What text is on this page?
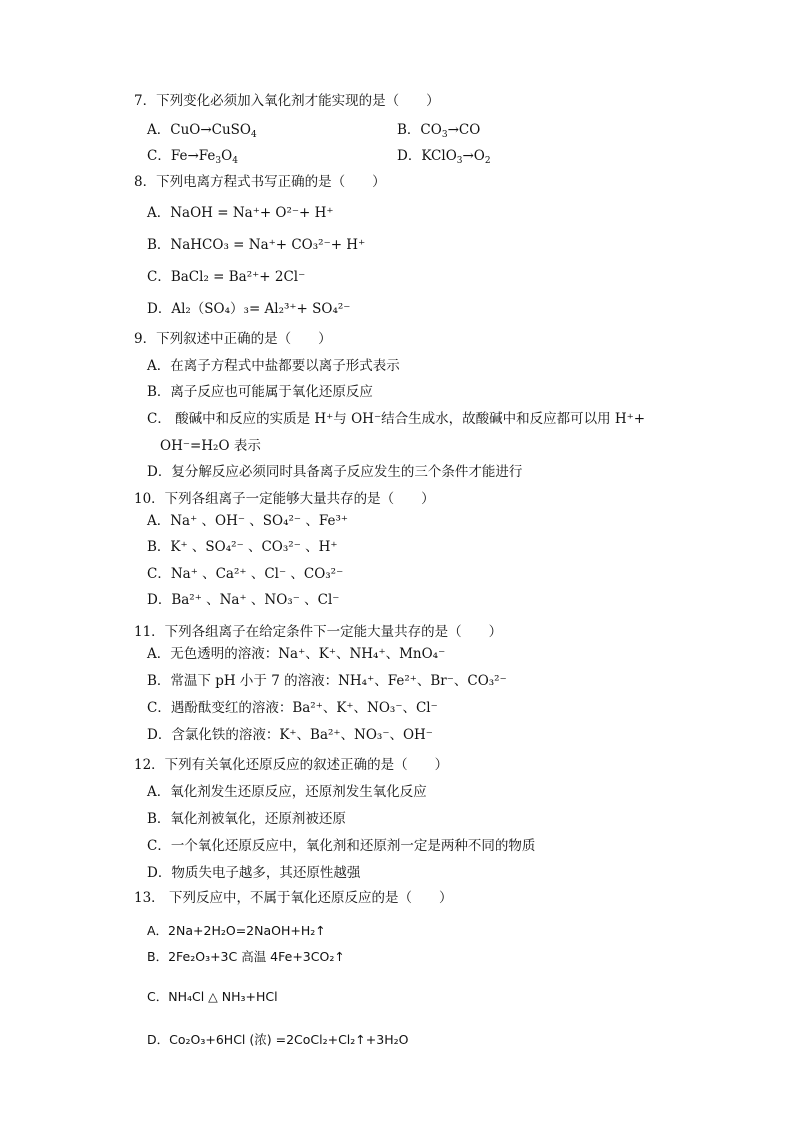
7．下列变化必须加入氧化剂才能实现的是（　　）
A．CuO→CuSO$_4$	B．$CO_3\to CO$
C．$Fe\to Fe_3O_4$	D．$KClO_3\to O_2$
8．下列电离方程式书写正确的是（　　）
A．NaOH = Na⁺+ O²⁻+ H⁺
B．NaHCO₃ = Na⁺+ CO₃²⁻+ H⁺
C．BaCl₂ = Ba²⁺+ 2Cl⁻
D．Al₂（SO₄）₃= Al₂³⁺+ SO₄²⁻
9．下列叙述中正确的是（　　）
A．在离子方程式中盐都要以离子形式表示
B．离子反应也可能属于氧化还原反应
C． 酸碱中和反应的实质是 H⁺与 OH⁻结合生成水，故酸碱中和反应都可以用 H⁺+
OH⁻=H₂O 表示
D．复分解反应必须同时具备离子反应发生的三个条件才能进行
10．下列各组离子一定能够大量共存的是（　　）
A．Na⁺ 、OH⁻ 、SO₄²⁻ 、Fe³⁺
B．K⁺ 、SO₄²⁻ 、CO₃²⁻ 、H⁺
C．Na⁺ 、Ca²⁺ 、Cl⁻ 、CO₃²⁻
D．Ba²⁺ 、Na⁺ 、NO₃⁻ 、Cl⁻
11．下列各组离子在给定条件下一定能大量共存的是（　　）
A．无色透明的溶液：Na⁺、K⁺、NH₄⁺、MnO₄⁻
B．常温下 pH 小于 7 的溶液：NH₄⁺、Fe²⁺、Br⁻、CO₃²⁻
C．遇酚酞变红的溶液：Ba²⁺、K⁺、NO₃⁻、Cl⁻
D．含氯化铁的溶液：K⁺、Ba²⁺、NO₃⁻、OH⁻
12．下列有关氧化还原反应的叙述正确的是（　　）
A．氧化剂发生还原反应，还原剂发生氧化反应
B．氧化剂被氧化，还原剂被还原
C．一个氧化还原反应中，氧化剂和还原剂一定是两种不同的物质
D．物质失电子越多，其还原性越强
13． 下列反应中，不属于氧化还原反应的是（　　）
A．2Na+2H₂O=2NaOH+H₂↑
B．2Fe₂O₃+3C 高温 4Fe+3CO₂↑
C．NH₄Cl △ NH₃+HCl
D．Co₂O₃+6HCl (浓) =2CoCl₂+Cl₂↑+3H₂O
